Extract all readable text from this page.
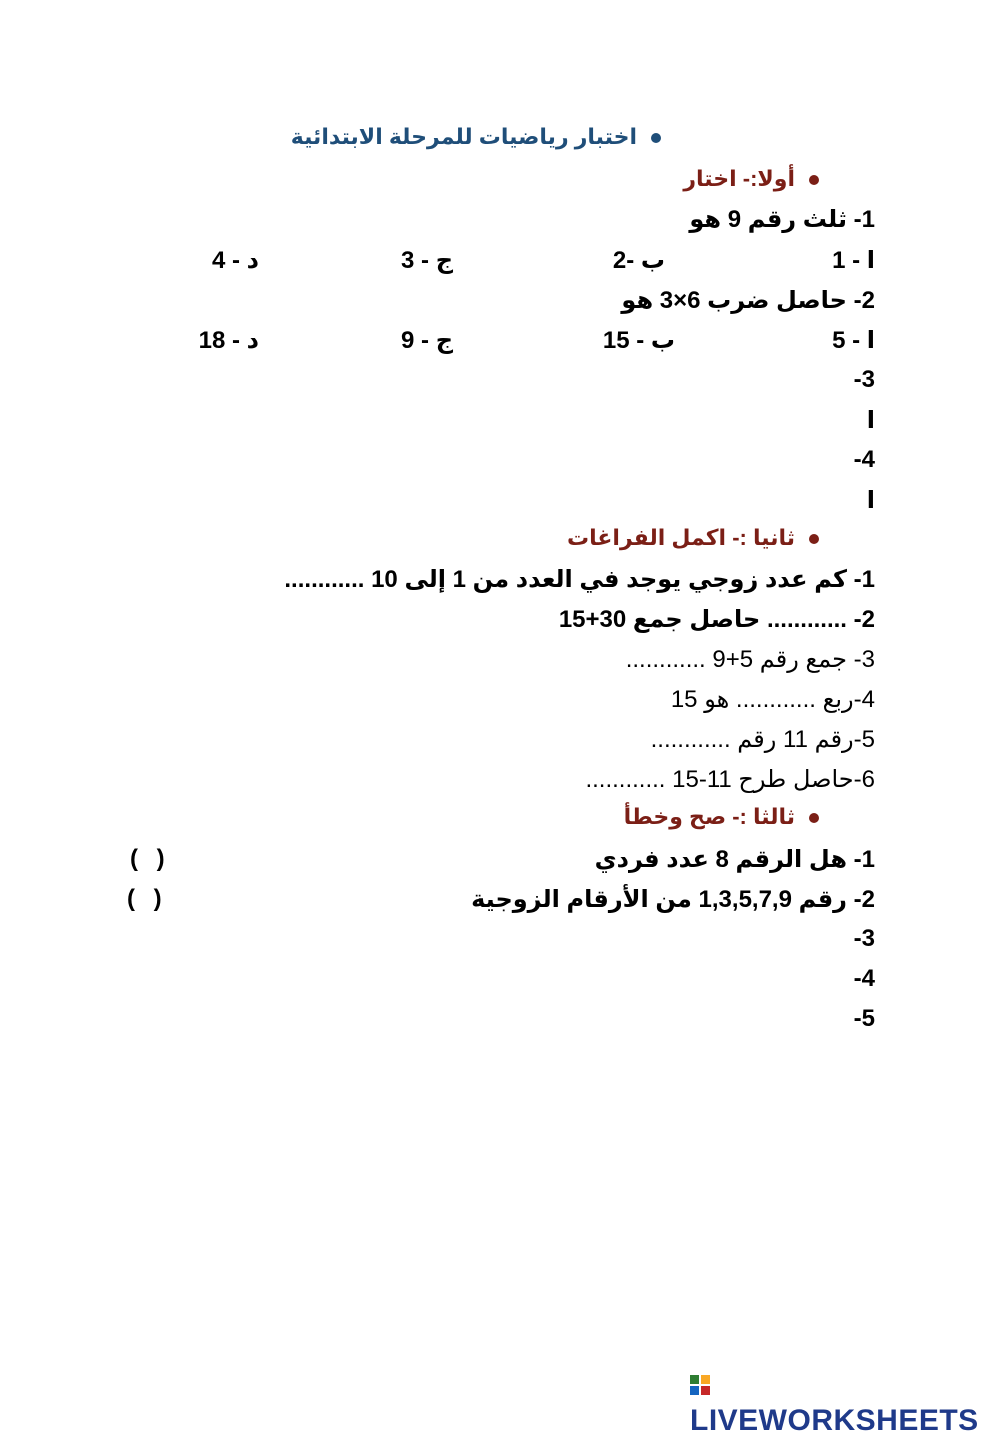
اختبار رياضيات للمرحلة الابتدائية
أولا:- اختار
1- ثلث رقم 9 هو
ا - 1
ب -2
ج - 3
د - 4
2- حاصل ضرب 6×3 هو
ا - 5
ب - 15
ج - 9
د - 18
-3
ا
-4
ا
ثانيا :- اكمل الفراغات
1- كم عدد زوجي يوجد في العدد من 1 إلى 10 ............
2- ............ حاصل جمع 30+15
3- جمع رقم 5+9 ............
4-ربع ............ هو 15
5-رقم 11 رقم ............
6-حاصل طرح 11-15 ............
ثالثا :- صح وخطأ
1- هل الرقم 8 عدد فردي
( )
2- رقم 1,3,5,7,9 من الأرقام الزوجية
( )
-3
-4
-5
LIVEWORKSHEETS
